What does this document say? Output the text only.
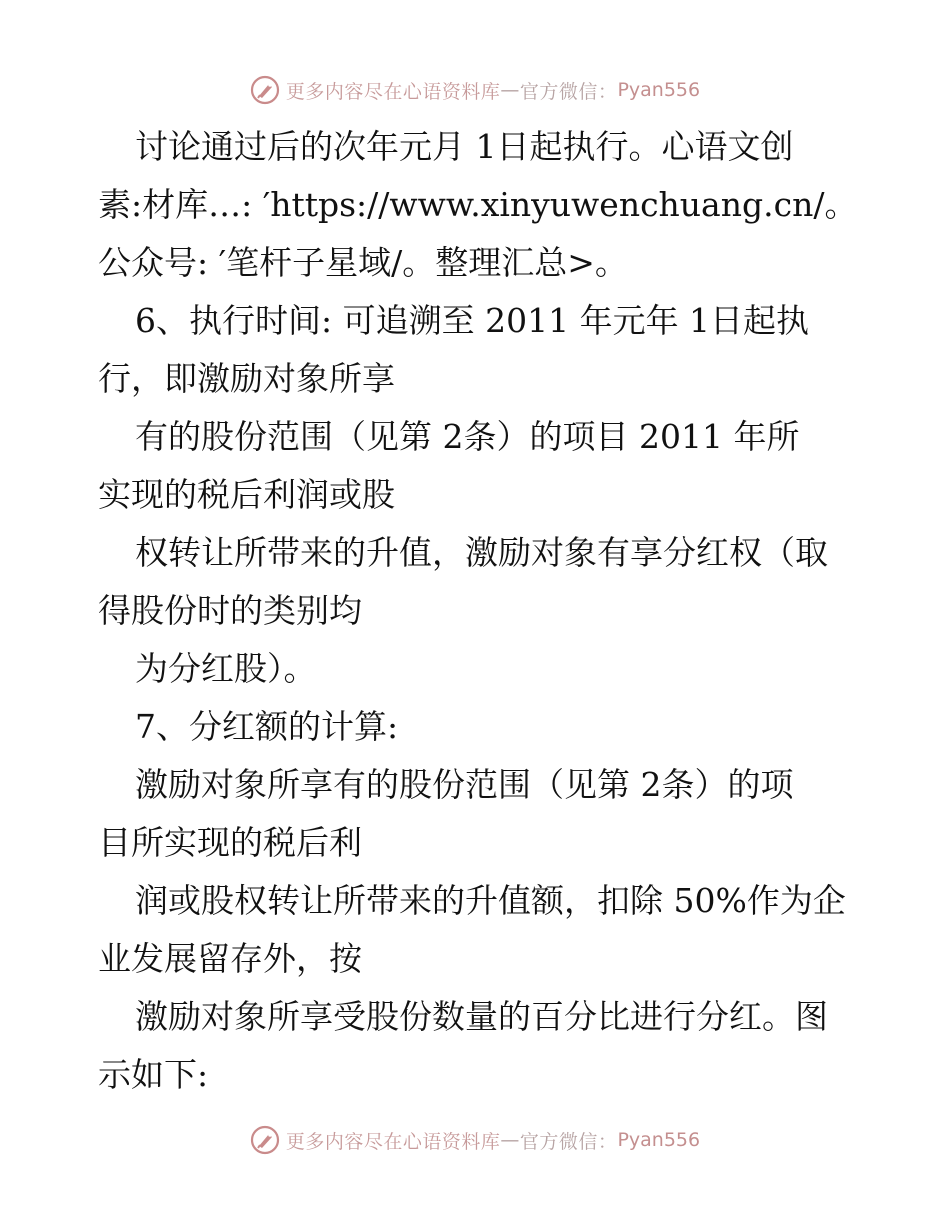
更多内容尽在心语资料库 — 官方微信： Pyan556
讨论通过后的次年元月 1日起执行。心语文创
素:材库…: ′https://www.xinyuwenchuang.cn/。
公众号: ′笔杆子星域/。整理汇总>。
6、执行时间: 可追溯至 2011 年元年 1日起执
行，即激励对象所享
有的股份范围（见第 2条）的项目 2011 年所
实现的税后利润或股
权转让所带来的升值，激励对象有享分红权（取
得股份时的类别均
为分红股）。
7、分红额的计算:
激励对象所享有的股份范围（见第 2条）的项
目所实现的税后利
润或股权转让所带来的升值额，扣除 50%作为企
业发展留存外，按
激励对象所享受股份数量的百分比进行分红。图
示如下:
更多内容尽在心语资料库 — 官方微信： Pyan556
